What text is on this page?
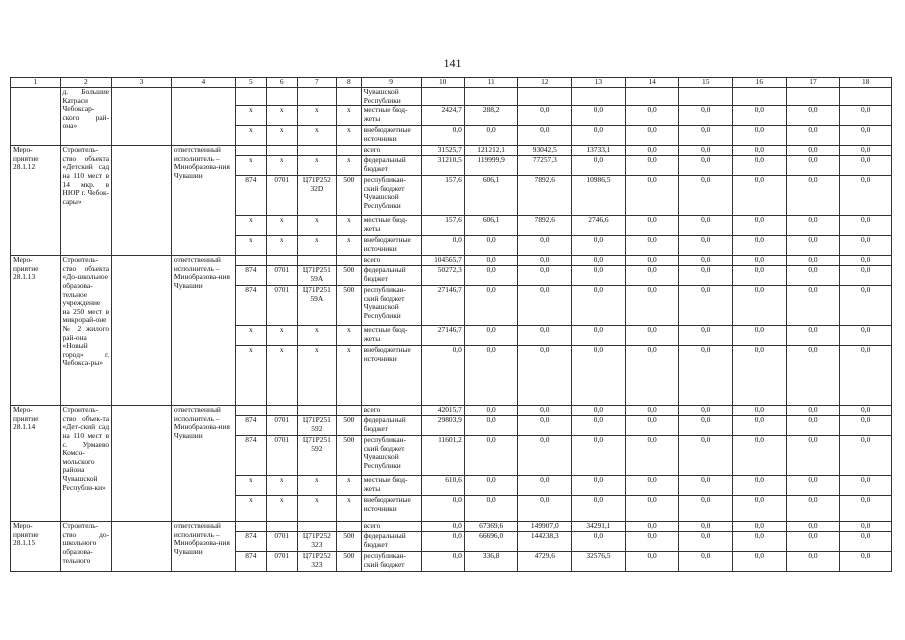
141
1	2	3	4	5	6	7	8	9	10	11	12	13	14	15	16	17	18
	д. Большие Катраси Чебоксар-ского рай-она»							Чувашской Республики									
				x	x	x	x	местные бюд-жеты	2424,7	288,2	0,0	0,0	0,0	0,0	0,0	0,0	0,0
				x	x	x	x	внебюджетные источники	0,0	0,0	0,0	0,0	0,0	0,0	0,0	0,0	0,0
Меро-приятие 28.1.12	Строитель-ство объекта «Детский сад на 110 мест в 14 мкр. в НЮР г. Чебок-сары»		ответственный исполнитель – Минобразова-ния Чувашии					всего	31525,7	121212,1	93042,5	13733,1	0,0	0,0	0,0	0,0	0,0
				x	x	x	x	федеральный бюджет	31210,5	119999,9	77257,3	0,0	0,0	0,0	0,0	0,0	0,0
				874	0701	Ц71Р252 32D	500	республикан-ский бюджет Чувашской Республики	157,6	606,1	7892,6	10986,5	0,0	0,0	0,0	0,0	0,0
				x	x	x	x	местные бюд-жеты	157,6	606,1	7892,6	2746,6	0,0	0,0	0,0	0,0	0,0
				x	x	x	x	внебюджетные источники	0,0	0,0	0,0	0,0	0,0	0,0	0,0	0,0	0,0
Меро-приятие 28.1.13	Строитель-ство объекта «До-школьное образова-тельное учреждение на 250 мест в микрорай-оне № 2 жилого рай-она «Новый город» г. Чебокса-ры»		ответственный исполнитель – Минобразова-ния Чувашии					всего	104565,7	0,0	0,0	0,0	0,0	0,0	0,0	0,0	0,0
				874	0701	Ц71Р251 59А	500	федеральный бюджет	50272,3	0,0	0,0	0,0	0,0	0,0	0,0	0,0	0,0
				874	0701	Ц71Р251 59А	500	республикан-ский бюджет Чувашской Республики	27146,7	0,0	0,0	0,0	0,0	0,0	0,0	0,0	0,0
				x	x	x	x	местные бюд-жеты	27146,7	0,0	0,0	0,0	0,0	0,0	0,0	0,0	0,0
				x	x	x	x	внебюджетные источники	0,0	0,0	0,0	0,0	0,0	0,0	0,0	0,0	0,0
Меро-приятие 28.1.14	Строитель-ство объек-та «Дет-ский сад на 110 мест в с. Урмаево Комсо-мольского района Чувашской Республи-ки»		ответственный исполнитель – Минобразова-ния Чувашии					всего	42015,7	0,0	0,0	0,0	0,0	0,0	0,0	0,0	0,0
				874	0701	Ц71Р251 592	500	федеральный бюджет	29803,9	0,0	0,0	0,0	0,0	0,0	0,0	0,0	0,0
				874	0701	Ц71Р251 592	500	республикан-ский бюджет Чувашской Республики	11601,2	0,0	0,0	0,0	0,0	0,0	0,0	0,0	0,0
				x	x	x	x	местные бюд-жеты	610,6	0,0	0,0	0,0	0,0	0,0	0,0	0,0	0,0
				x	x	x	x	внебюджетные источники	0,0	0,0	0,0	0,0	0,0	0,0	0,0	0,0	0,0
Меро-приятие 28.1.15	Строитель-ство до-школьного образова-тельного		ответственный исполнитель – Минобразова-ния Чувашии					всего	0,0	67369,6	149907,0	34291,1	0,0	0,0	0,0	0,0	0,0
				874	0701	Ц71Р252 323	500	федеральный бюджет	0,0	66696,0	144238,3	0,0	0,0	0,0	0,0	0,0	0,0
				874	0701	Ц71Р252 323	500	республикан-ский бюджет	0,0	336,8	4729,6	32576,5	0,0	0,0	0,0	0,0	0,0
